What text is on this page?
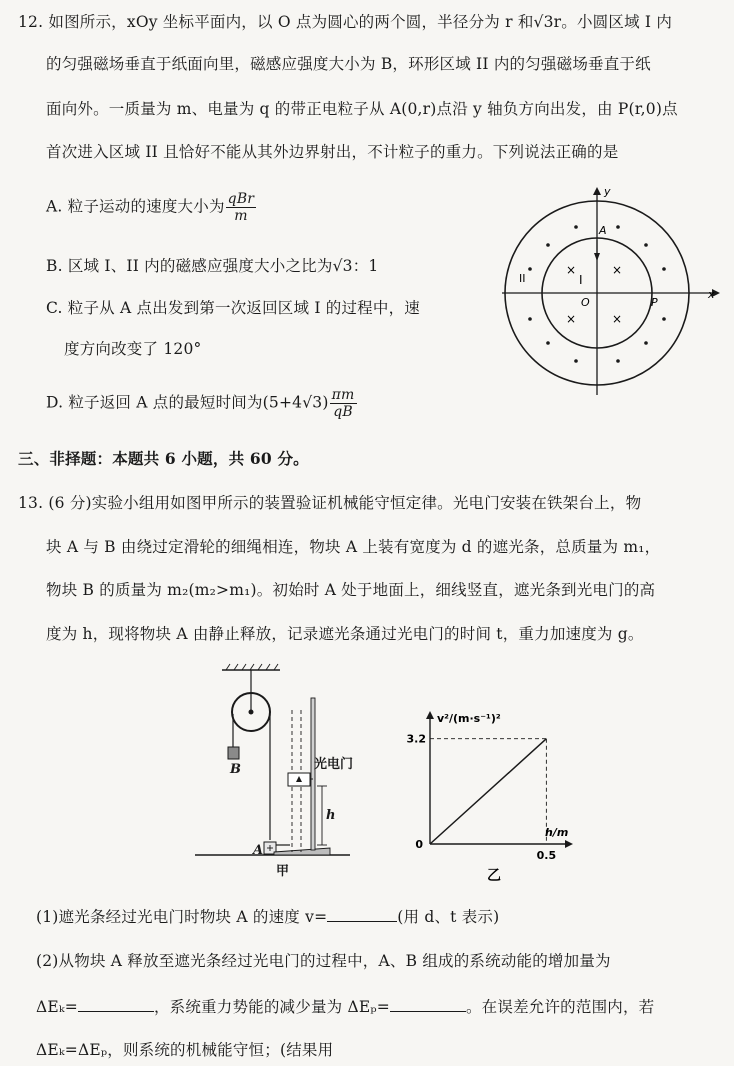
12. 如图所示，xOy 坐标平面内，以 O 点为圆心的两个圆，半径分为 r 和√3r。小圆区域 I 内
的匀强磁场垂直于纸面向里，磁感应强度大小为 B，环形区域 II 内的匀强磁场垂直于纸
面向外。一质量为 m、电量为 q 的带正电粒子从 A(0,r)点沿 y 轴负方向出发，由 P(r,0)点
首次进入区域 II 且恰好不能从其外边界射出，不计粒子的重力。下列说法正确的是
A. 粒子运动的速度大小为 $\frac{\text{qBr}}{m}$
B. 区域 I、II 内的磁感应强度大小之比为√3：1
C. 粒子从 A 点出发到第一次返回区域 I 的过程中，速
度方向改变了 120°
D. 粒子返回 A 点的最短时间为$(5+4√3) \frac{\pi m}{qB}$
y
x
A
O	P
I
II
×	×
×	×
三、非择题：本题共 6 小题，共 60 分。
13. (6 分)实验小组用如图甲所示的装置验证机械能守恒定律。光电门安装在铁架台上，物
块 A 与 B 由绕过定滑轮的细绳相连，物块 A 上装有宽度为 d 的遮光条，总质量为 m₁，
物块 B 的质量为 m₂(m₂>m₁)。初始时 A 处于地面上，细线竖直，遮光条到光电门的高
度为 h，现将物块 A 由静止释放，记录遮光条通过光电门的时间 t，重力加速度为 g。
B
A
光电门
h
甲
v²/(m·s⁻¹)²
h/m
3.2
0.5
0
乙
(1)遮光条经过光电门时物块 A 的速度 v=	(用 d、t 表示)
(2)从物块 A 释放至遮光条经过光电门的过程中，A、B 组成的系统动能的增加量为
ΔEₖ=	，系统重力势能的减少量为 ΔEₚ=	。在误差允许的范围内，若
ΔEₖ=ΔEₚ，则系统的机械能守恒；(结果用
